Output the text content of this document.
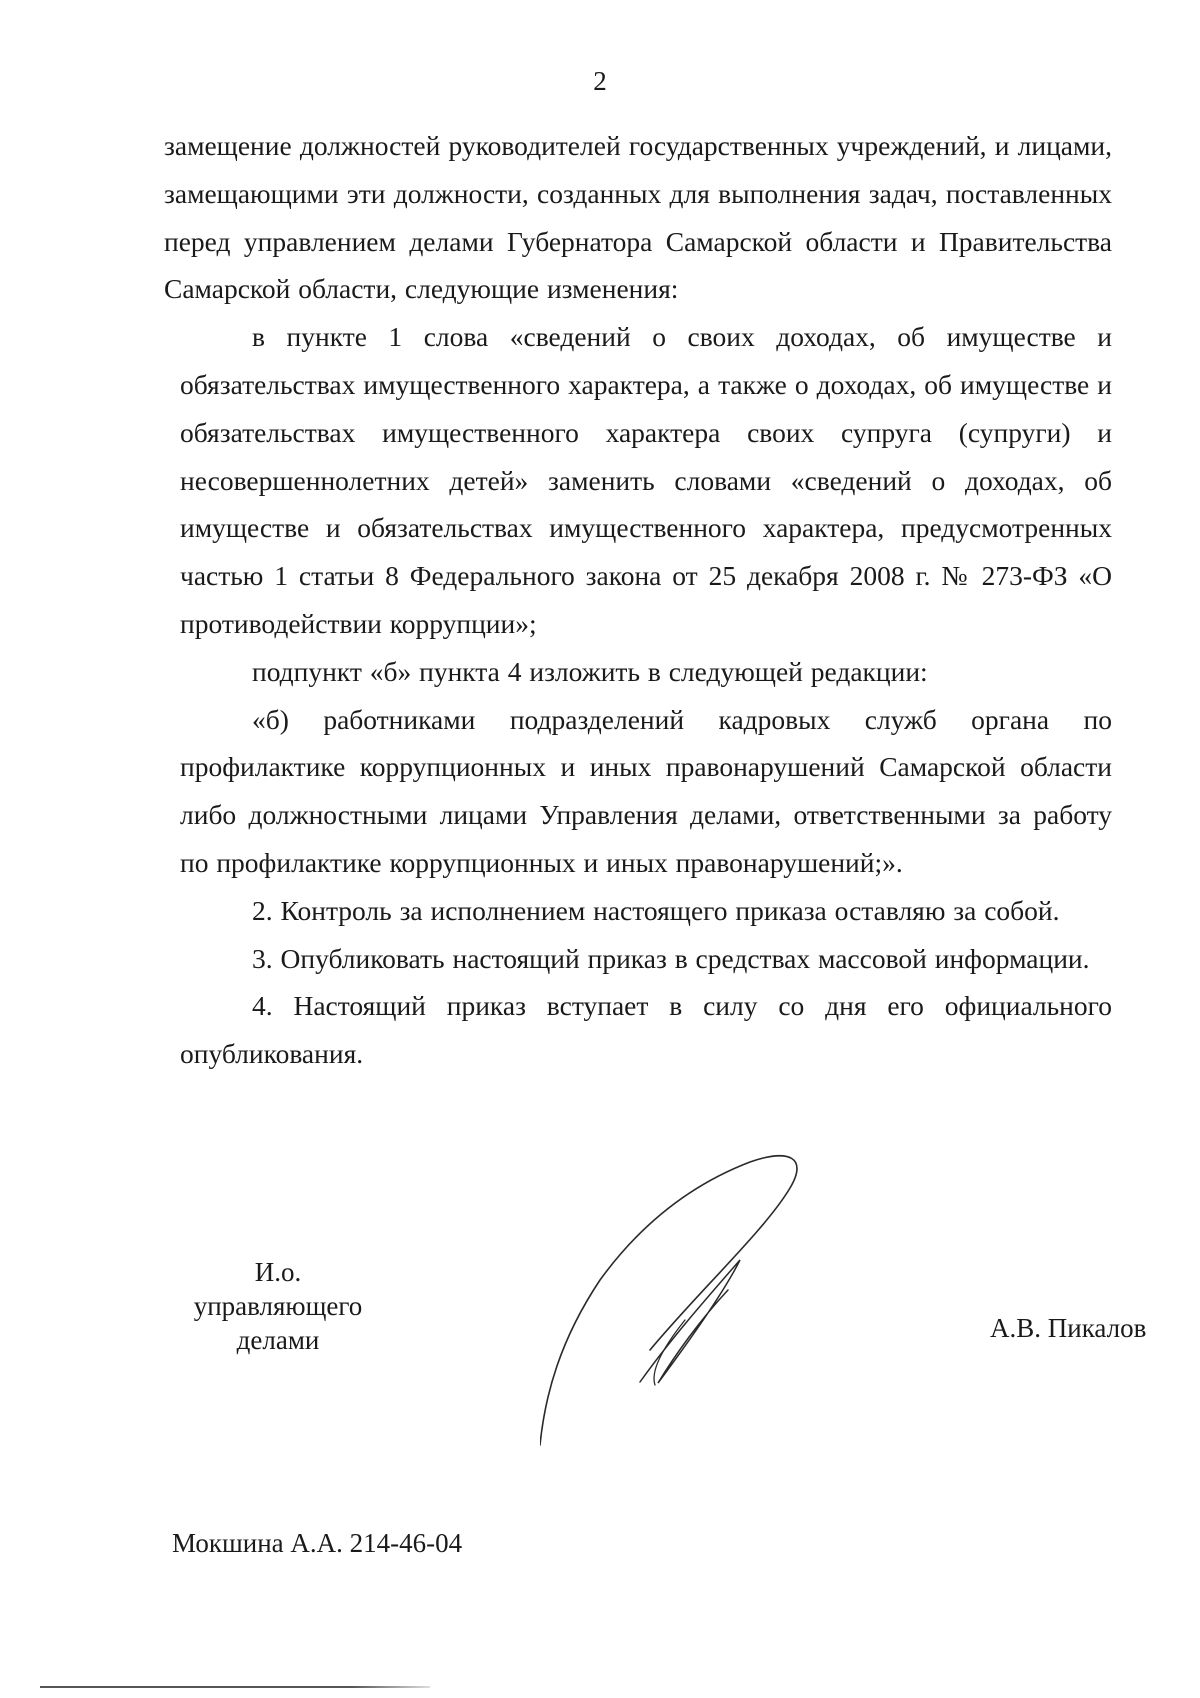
2

замещение должностей руководителей государственных учреждений, и лицами, замещающими эти должности, созданных для выполнения задач, поставленных перед управлением делами Губернатора Самарской области и Правительства Самарской области, следующие изменения:

в пункте 1 слова «сведений о своих доходах, об имуществе и обязательствах имущественного характера, а также о доходах, об имуществе и обязательствах имущественного характера своих супруга (супруги) и несовершеннолетних детей» заменить словами «сведений о доходах, об имуществе и обязательствах имущественного характера, предусмотренных частью 1 статьи 8 Федерального закона от 25 декабря 2008 г. № 273-ФЗ «О противодействии коррупции»;

подпункт «б» пункта 4 изложить в следующей редакции:

«б) работниками подразделений кадровых служб органа по профилактике коррупционных и иных правонарушений Самарской области либо должностными лицами Управления делами, ответственными за работу по профилактике коррупционных и иных правонарушений;».

2. Контроль за исполнением настоящего приказа оставляю за собой.

3. Опубликовать настоящий приказ в средствах массовой информации.

4. Настоящий приказ вступает в силу со дня его официального опубликования.

И.о.
управляющего
делами	А.В. Пикалов
Мокшина А.А. 214-46-04
